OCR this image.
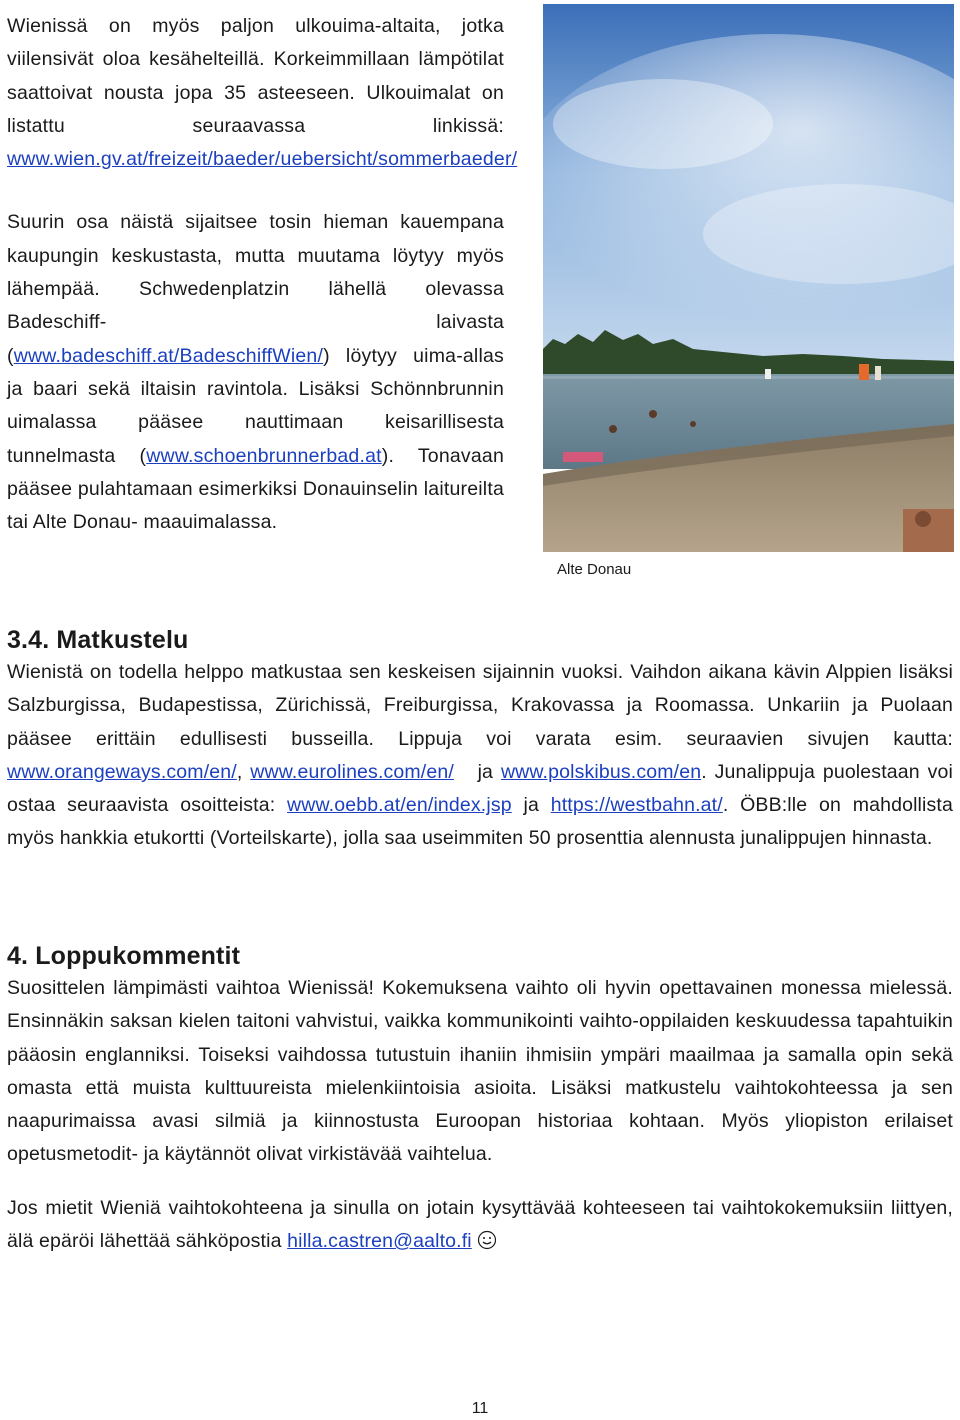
Wienissä on myös paljon ulkouima-altaita, jotka viilensivät oloa kesähelteillä. Korkeimmillaan lämpötilat saattoivat nousta jopa 35 asteeseen. Ulkouimalat on listattu seuraavassa linkissä: www.wien.gv.at/freizeit/baeder/uebersicht/sommerbaeder/

Suurin osa näistä sijaitsee tosin hieman kauempana kaupungin keskustasta, mutta muutama löytyy myös lähempää. Schwedenplatzin lähellä olevassa Badeschiff- laivasta (www.badeschiff.at/BadeschiffWien/) löytyy uima-allas ja baari sekä iltaisin ravintola. Lisäksi Schönnbrunnin uimalassa pääsee nauttimaan keisarillisesta tunnelmasta (www.schoenbrunnerbad.at). Tonavaan pääsee pulahtamaan esimerkiksi Donauinselin laitureilta tai Alte Donau- maauimalassa.

Alte Donau
3.4. Matkustelu

Wienistä on todella helppo matkustaa sen keskeisen sijainnin vuoksi. Vaihdon aikana kävin Alppien lisäksi Salzburgissa, Budapestissa, Zürichissä, Freiburgissa, Krakovassa ja Roomassa. Unkariin ja Puolaan pääsee erittäin edullisesti busseilla. Lippuja voi varata esim. seuraavien sivujen kautta: www.orangeways.com/en/, www.eurolines.com/en/   ja www.polskibus.com/en. Junalippuja puolestaan voi ostaa seuraavista osoitteista: www.oebb.at/en/index.jsp ja https://westbahn.at/. ÖBB:lle on mahdollista myös hankkia etukortti (Vorteilskarte), jolla saa useimmiten 50 prosenttia alennusta junalippujen hinnasta.

4. Loppukommentit

Suosittelen lämpimästi vaihtoa Wienissä! Kokemuksena vaihto oli hyvin opettavainen monessa mielessä. Ensinnäkin saksan kielen taitoni vahvistui, vaikka kommunikointi vaihto-oppilaiden keskuudessa tapahtuikin pääosin englanniksi. Toiseksi vaihdossa tutustuin ihaniin ihmisiin ympäri maailmaa ja samalla opin sekä omasta että muista kulttuureista mielenkiintoisia asioita. Lisäksi matkustelu vaihtokohteessa ja sen naapurimaissa avasi silmiä ja kiinnostusta Euroopan historiaa kohtaan. Myös yliopiston erilaiset opetusmetodit- ja käytännöt olivat virkistävää vaihtelua.

Jos mietit Wieniä vaihtokohteena ja sinulla on jotain kysyttävää kohteeseen tai vaihtokokemuksiin liittyen, älä epäröi lähettää sähköpostia hilla.castren@aalto.fi

11
